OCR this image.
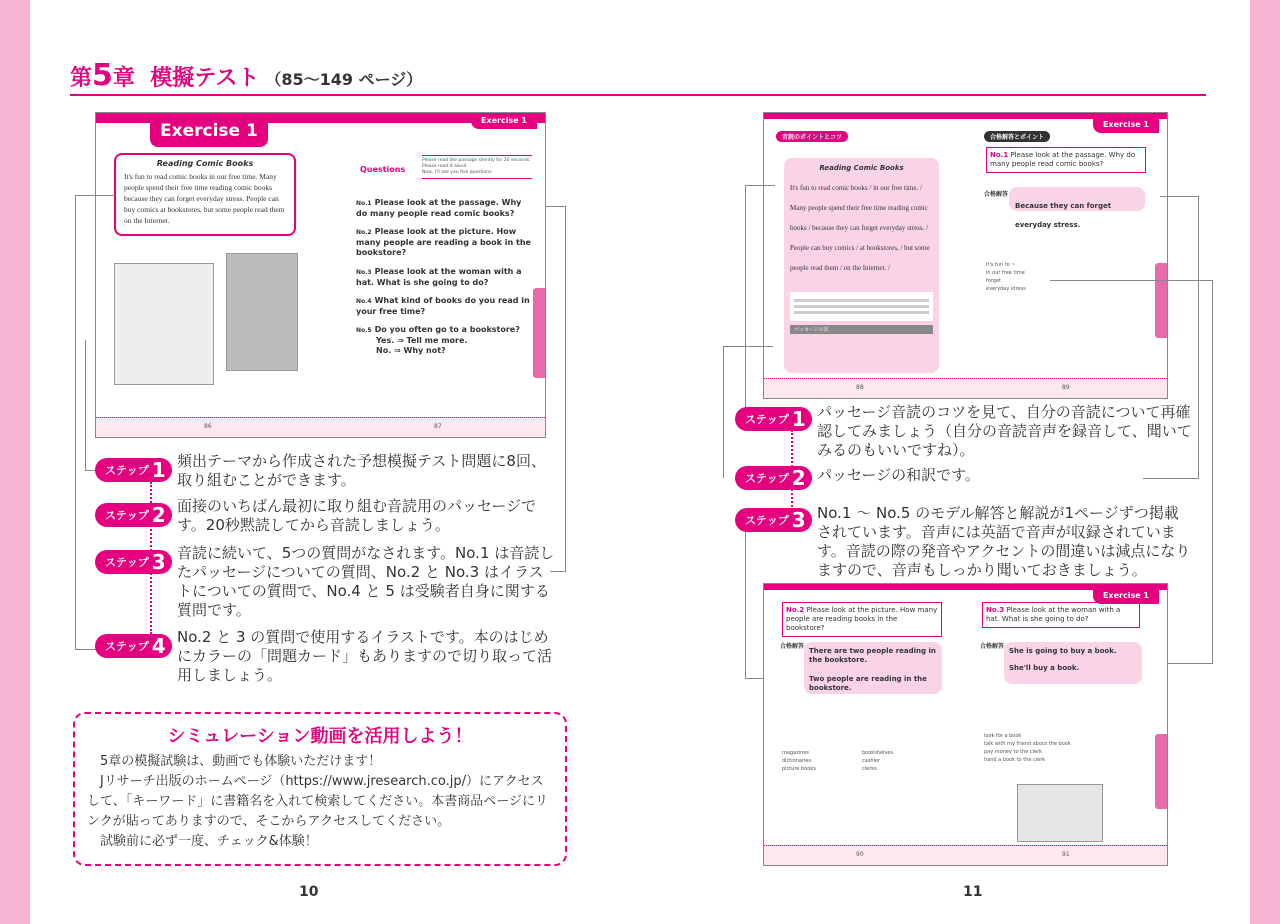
第5章 模擬テスト （85～149 ページ）
Exercise 1
Exercise 1
Reading Comic Books
It's fun to read comic books in our free time. Many people spend their free time reading comic books because they can forget everyday stress. People can buy comics at bookstores, but some people read them on the Internet.
Questions
Please read the passage silently for 20 seconds.
Please read it aloud.
Now, I'll ask you five questions.
No.1 Please look at the passage. Why do many people read comic books?
No.2 Please look at the picture. How many people are reading a book in the bookstore?
No.3 Please look at the woman with a hat. What is she going to do?
No.4 What kind of books do you read in your free time?
No.5 Do you often go to a bookstore?
Yes. ⇒ Tell me more.
No. ⇒ Why not?
86	87
ステップ 1 頻出テーマから作成された予想模擬テスト問題に8回、取り組むことができます。
ステップ 2 面接のいちばん最初に取り組む音読用のパッセージです。20秒黙読してから音読しましょう。
ステップ 3 音読に続いて、5つの質問がなされます。No.1 は音読したパッセージについての質問、No.2 と No.3 はイラストについての質問で、No.4 と 5 は受験者自身に関する質問です。
ステップ 4 No.2 と 3 の質問で使用するイラストです。本のはじめにカラーの「問題カード」もありますので切り取って活用しましょう。
シミュレーション動画を活用しよう！

5章の模擬試験は、動画でも体験いただけます！

Jリサーチ出版のホームページ（https://www.jresearch.co.jp/）にアクセスして、「キーワード」に書籍名を入れて検索してください。本書商品ページにリンクが貼ってありますので、そこからアクセスしてください。

試験前に必ず一度、チェック&体験！

10	11
Exercise 1
音読のポイントとコツ
Reading Comic Books
It's fun to read comic books / in our free time. /
Many people spend their free time reading comic books / because they can forget everyday stress. /
People can buy comics / at bookstores, / but some people read them / on the Internet. /
パッセージの訳
合格解答とポイント
No.1 Please look at the passage. Why do many people read comic books?
合格解答
Because they can forget everyday stress.
It's fun to ~
in our free time
forget
everyday stress
88	89
ステップ 1 パッセージ音読のコツを見て、自分の音読について再確認してみましょう（自分の音読音声を録音して、聞いてみるのもいいですね）。
ステップ 2 パッセージの和訳です。
ステップ 3 No.1 ～ No.5 のモデル解答と解説が1ページずつ掲載されています。音声には英語で音声が収録されています。音読の際の発音やアクセントの間違いは減点になりますので、音声もしっかり聞いておきましょう。
Exercise 1
No.2 Please look at the picture. How many people are reading books in the bookstore?
合格解答
There are two people reading in the bookstore.
Two people are reading in the bookstore.
magazines	bookshelves
dictionaries	cashier
picture books	clerks
No.3 Please look at the woman with a hat. What is she going to do?
合格解答
She is going to buy a book.
She'll buy a book.
look for a book
talk with my friend about the book
pay money to the clerk
hand a book to the clerk
90	91
